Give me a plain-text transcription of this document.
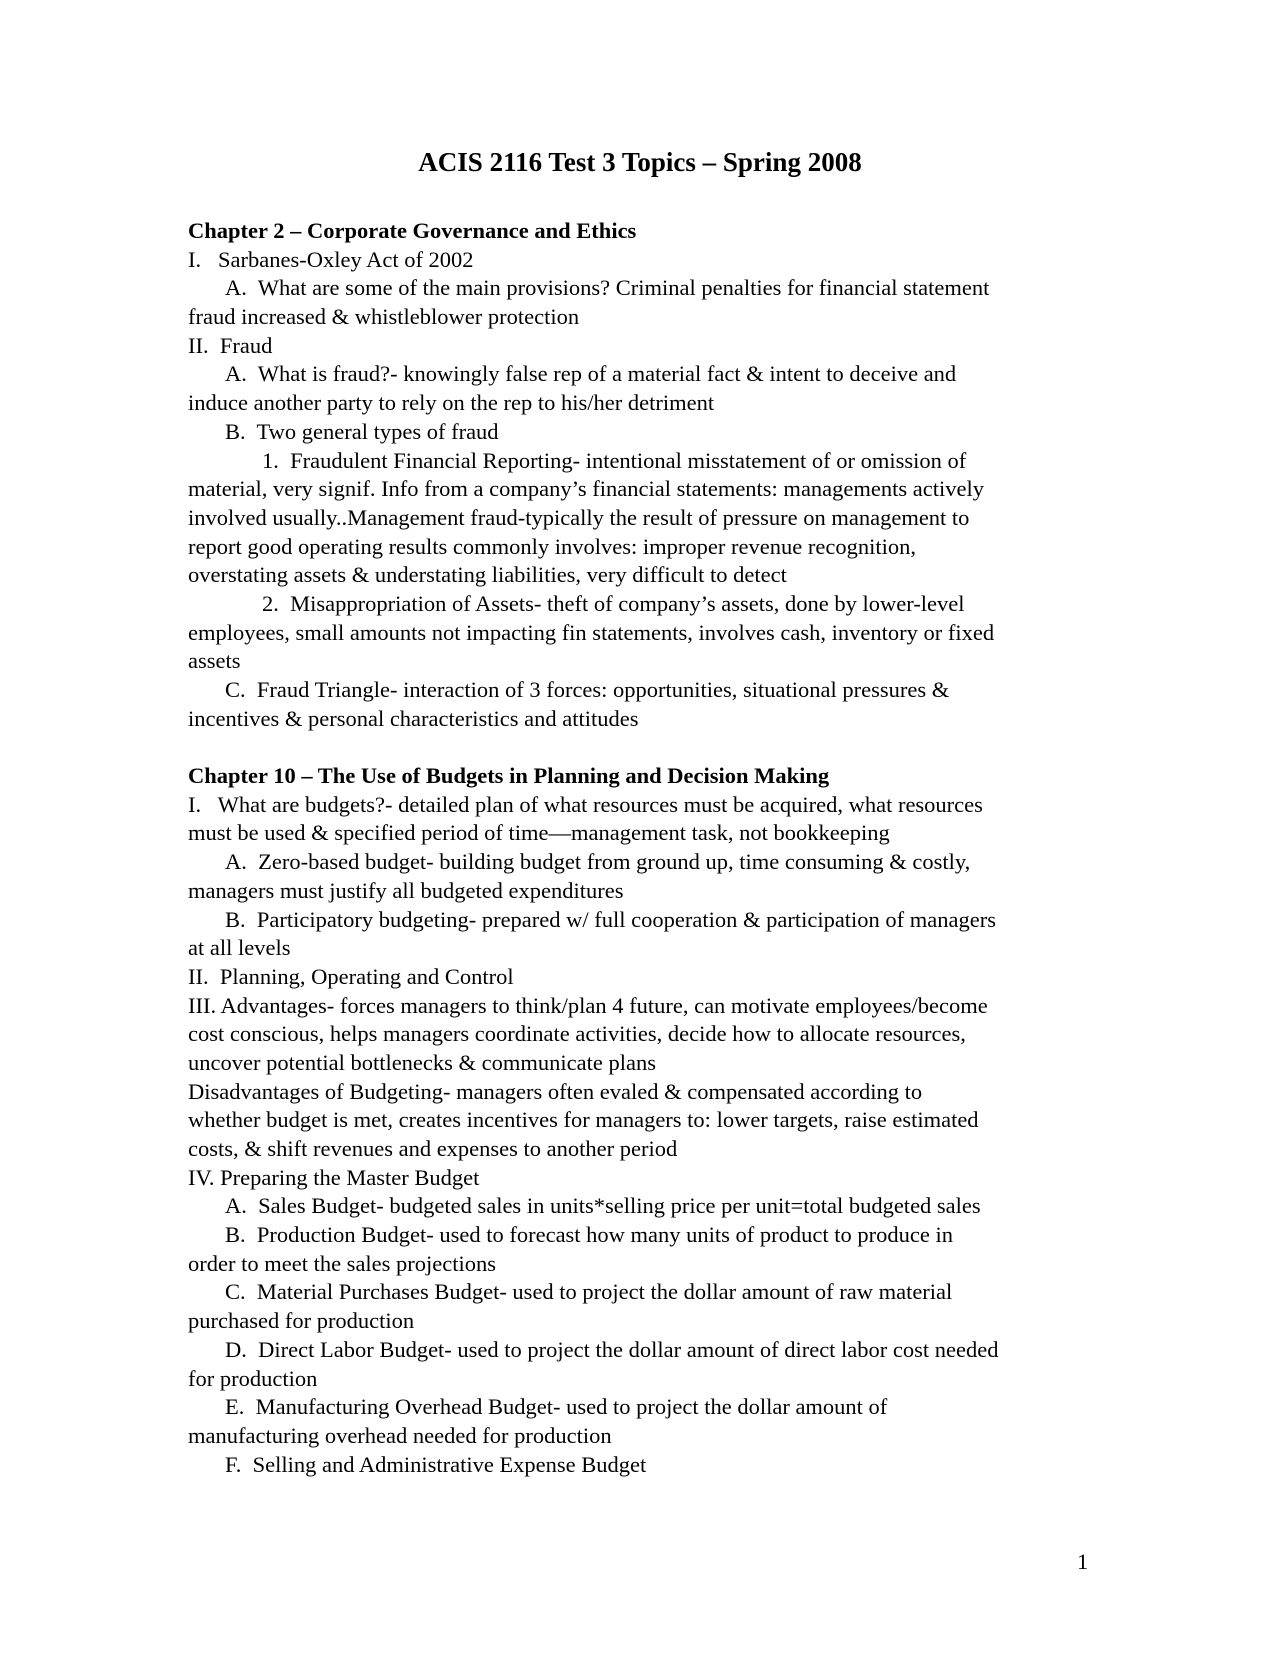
ACIS 2116 Test 3 Topics – Spring 2008
Chapter 2 – Corporate Governance and Ethics
I.   Sarbanes-Oxley Act of 2002
A.  What are some of the main provisions? Criminal penalties for financial statement
fraud increased & whistleblower protection
II.  Fraud
A.  What is fraud?- knowingly false rep of a material fact & intent to deceive and
induce another party to rely on the rep to his/her detriment
B.  Two general types of fraud
1.  Fraudulent Financial Reporting- intentional misstatement of or omission of
material, very signif. Info from a company’s financial statements: managements actively
involved usually..Management fraud-typically the result of pressure on management to
report good operating results commonly involves: improper revenue recognition,
overstating assets & understating liabilities, very difficult to detect
2.  Misappropriation of Assets- theft of company’s assets, done by lower-level
employees, small amounts not impacting fin statements, involves cash, inventory or fixed
assets
C.  Fraud Triangle- interaction of 3 forces: opportunities, situational pressures &
incentives & personal characteristics and attitudes
Chapter 10 – The Use of Budgets in Planning and Decision Making
I.   What are budgets?- detailed plan of what resources must be acquired, what resources
must be used & specified period of time—management task, not bookkeeping
A.  Zero-based budget- building budget from ground up, time consuming & costly,
managers must justify all budgeted expenditures
B.  Participatory budgeting- prepared w/ full cooperation & participation of managers
at all levels
II.  Planning, Operating and Control
III. Advantages- forces managers to think/plan 4 future, can motivate employees/become
cost conscious, helps managers coordinate activities, decide how to allocate resources,
uncover potential bottlenecks & communicate plans
Disadvantages of Budgeting- managers often evaled & compensated according to
whether budget is met, creates incentives for managers to: lower targets, raise estimated
costs, & shift revenues and expenses to another period
IV. Preparing the Master Budget
A.  Sales Budget- budgeted sales in units*selling price per unit=total budgeted sales
B.  Production Budget- used to forecast how many units of product to produce in
order to meet the sales projections
C.  Material Purchases Budget- used to project the dollar amount of raw material
purchased for production
D.  Direct Labor Budget- used to project the dollar amount of direct labor cost needed
for production
E.  Manufacturing Overhead Budget- used to project the dollar amount of
manufacturing overhead needed for production
F.  Selling and Administrative Expense Budget
1
